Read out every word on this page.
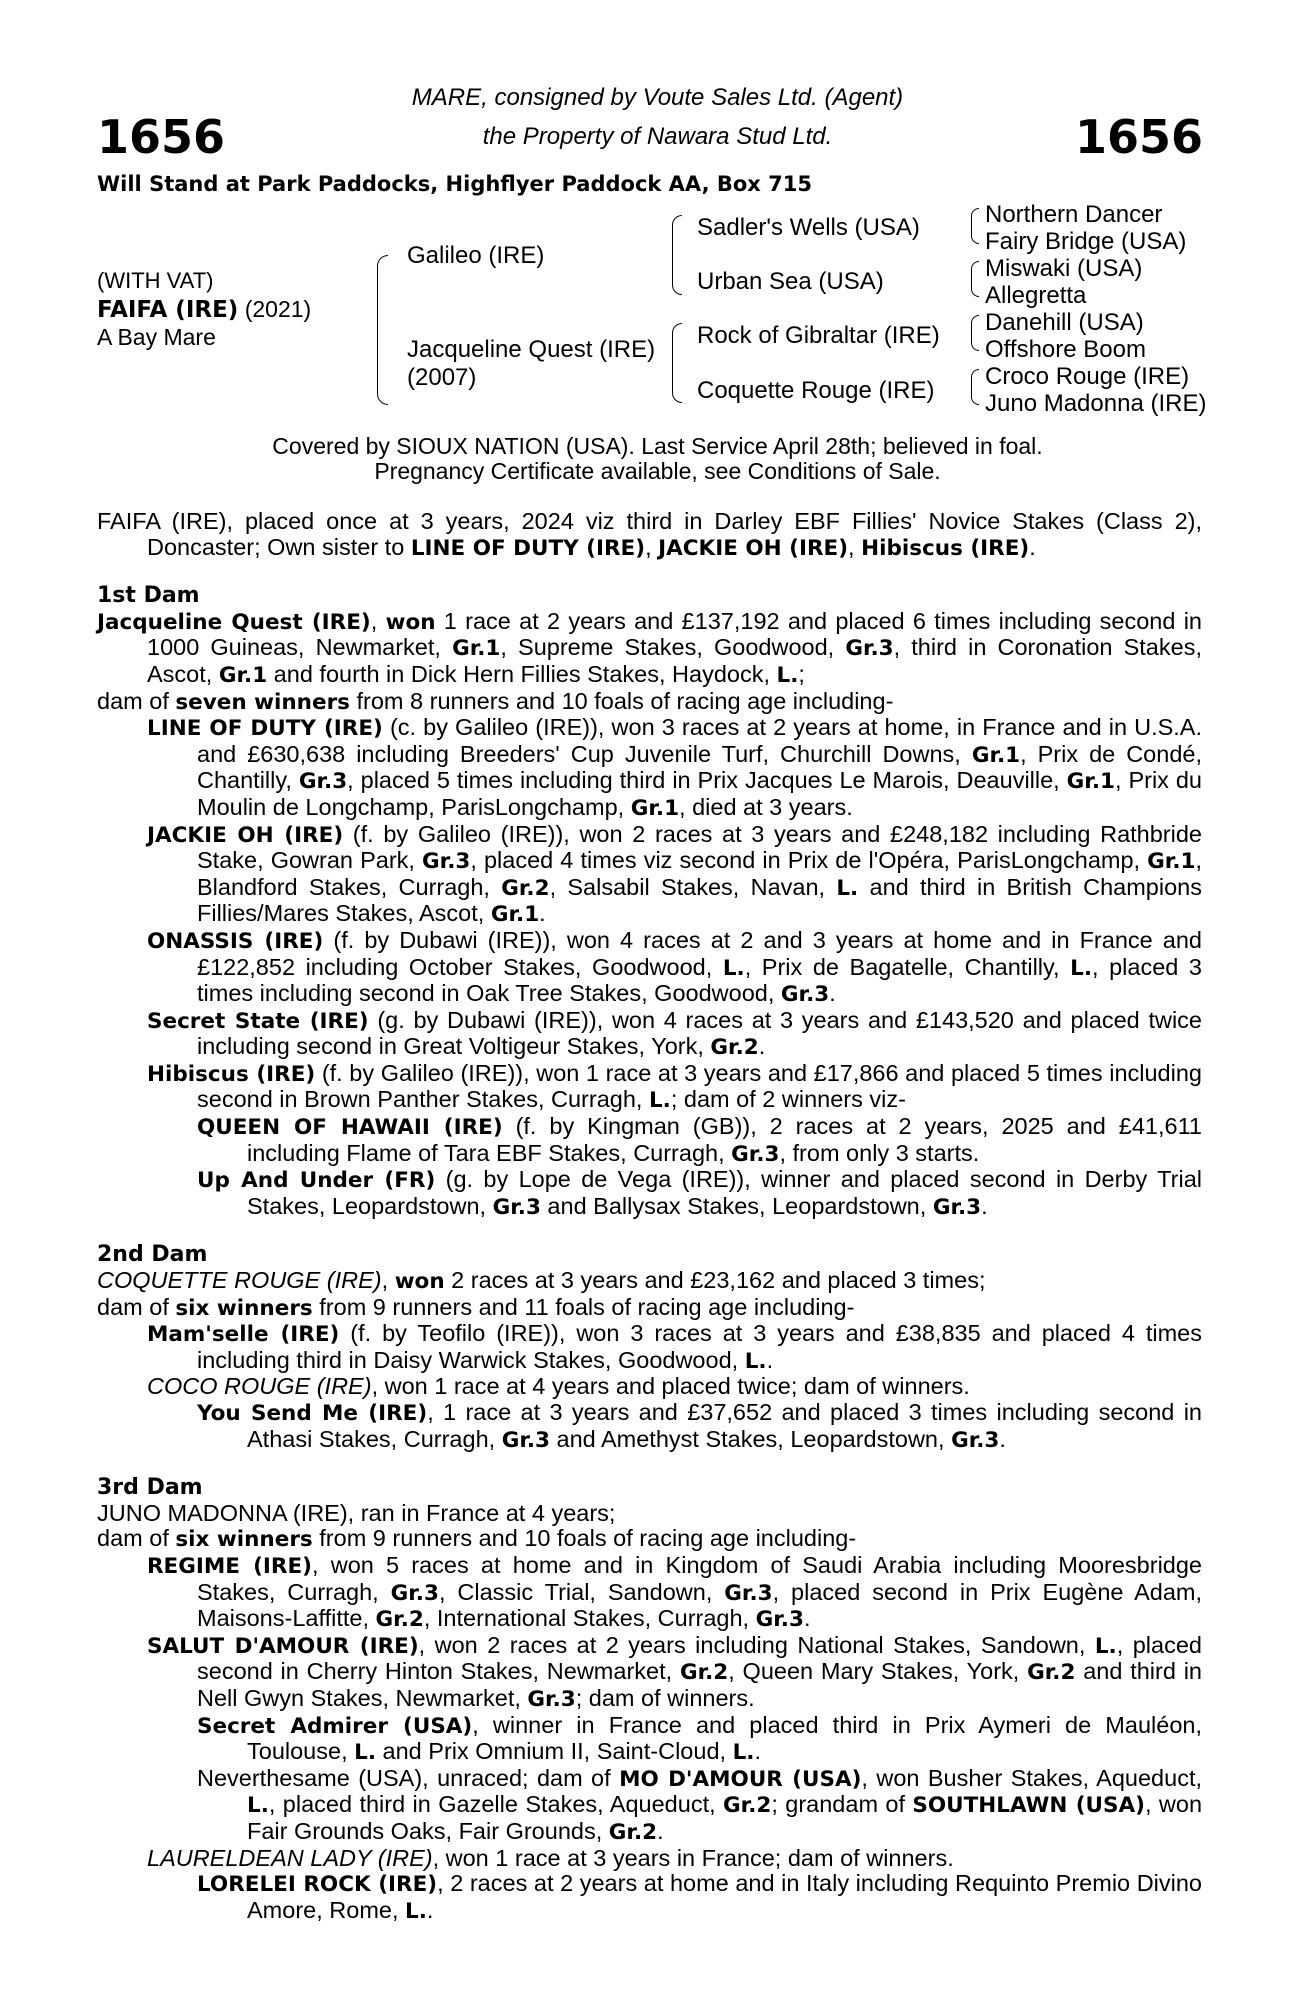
1656	1656
MARE, consigned by Voute Sales Ltd. (Agent)
the Property of Nawara Stud Ltd.
Will Stand at Park Paddocks, Highflyer Paddock AA, Box 715
(WITH VAT)
FAIFA (IRE) (2021)
A Bay Mare
Galileo (IRE)
Jacqueline Quest (IRE)
(2007)
Sadler's Wells (USA)
Urban Sea (USA)
Rock of Gibraltar (IRE)
Coquette Rouge (IRE)
Northern Dancer
Fairy Bridge (USA)
Miswaki (USA)
Allegretta
Danehill (USA)
Offshore Boom
Croco Rouge (IRE)
Juno Madonna (IRE)
Covered by SIOUX NATION (USA). Last Service April 28th; believed in foal.
Pregnancy Certificate available, see Conditions of Sale.

FAIFA (IRE), placed once at 3 years, 2024 viz third in Darley EBF Fillies' Novice Stakes (Class 2), Doncaster; Own sister to LINE OF DUTY (IRE), JACKIE OH (IRE), Hibiscus (IRE).

1st Dam

Jacqueline Quest (IRE), won 1 race at 2 years and £137,192 and placed 6 times including second in 1000 Guineas, Newmarket, Gr.1, Supreme Stakes, Goodwood, Gr.3, third in Coronation Stakes, Ascot, Gr.1 and fourth in Dick Hern Fillies Stakes, Haydock, L.;

dam of seven winners from 8 runners and 10 foals of racing age including-

LINE OF DUTY (IRE) (c. by Galileo (IRE)), won 3 races at 2 years at home, in France and in U.S.A. and £630,638 including Breeders' Cup Juvenile Turf, Churchill Downs, Gr.1, Prix de Condé, Chantilly, Gr.3, placed 5 times including third in Prix Jacques Le Marois, Deauville, Gr.1, Prix du Moulin de Longchamp, ParisLongchamp, Gr.1, died at 3 years.

JACKIE OH (IRE) (f. by Galileo (IRE)), won 2 races at 3 years and £248,182 including Rathbride Stake, Gowran Park, Gr.3, placed 4 times viz second in Prix de l'Opéra, ParisLongchamp, Gr.1, Blandford Stakes, Curragh, Gr.2, Salsabil Stakes, Navan, L. and third in British Champions Fillies/Mares Stakes, Ascot, Gr.1.

ONASSIS (IRE) (f. by Dubawi (IRE)), won 4 races at 2 and 3 years at home and in France and £122,852 including October Stakes, Goodwood, L., Prix de Bagatelle, Chantilly, L., placed 3 times including second in Oak Tree Stakes, Goodwood, Gr.3.

Secret State (IRE) (g. by Dubawi (IRE)), won 4 races at 3 years and £143,520 and placed twice including second in Great Voltigeur Stakes, York, Gr.2.

Hibiscus (IRE) (f. by Galileo (IRE)), won 1 race at 3 years and £17,866 and placed 5 times including second in Brown Panther Stakes, Curragh, L.; dam of 2 winners viz-

QUEEN OF HAWAII (IRE) (f. by Kingman (GB)), 2 races at 2 years, 2025 and £41,611 including Flame of Tara EBF Stakes, Curragh, Gr.3, from only 3 starts.

Up And Under (FR) (g. by Lope de Vega (IRE)), winner and placed second in Derby Trial Stakes, Leopardstown, Gr.3 and Ballysax Stakes, Leopardstown, Gr.3.

2nd Dam

COQUETTE ROUGE (IRE), won 2 races at 3 years and £23,162 and placed 3 times;

dam of six winners from 9 runners and 11 foals of racing age including-

Mam'selle (IRE) (f. by Teofilo (IRE)), won 3 races at 3 years and £38,835 and placed 4 times including third in Daisy Warwick Stakes, Goodwood, L..

COCO ROUGE (IRE), won 1 race at 4 years and placed twice; dam of winners.

You Send Me (IRE), 1 race at 3 years and £37,652 and placed 3 times including second in Athasi Stakes, Curragh, Gr.3 and Amethyst Stakes, Leopardstown, Gr.3.

3rd Dam

JUNO MADONNA (IRE), ran in France at 4 years;

dam of six winners from 9 runners and 10 foals of racing age including-

REGIME (IRE), won 5 races at home and in Kingdom of Saudi Arabia including Mooresbridge Stakes, Curragh, Gr.3, Classic Trial, Sandown, Gr.3, placed second in Prix Eugène Adam, Maisons-Laffitte, Gr.2, International Stakes, Curragh, Gr.3.

SALUT D'AMOUR (IRE), won 2 races at 2 years including National Stakes, Sandown, L., placed second in Cherry Hinton Stakes, Newmarket, Gr.2, Queen Mary Stakes, York, Gr.2 and third in Nell Gwyn Stakes, Newmarket, Gr.3; dam of winners.

Secret Admirer (USA), winner in France and placed third in Prix Aymeri de Mauléon, Toulouse, L. and Prix Omnium II, Saint-Cloud, L..

Neverthesame (USA), unraced; dam of MO D'AMOUR (USA), won Busher Stakes, Aqueduct, L., placed third in Gazelle Stakes, Aqueduct, Gr.2; grandam of SOUTHLAWN (USA), won Fair Grounds Oaks, Fair Grounds, Gr.2.

LAURELDEAN LADY (IRE), won 1 race at 3 years in France; dam of winners.

LORELEI ROCK (IRE), 2 races at 2 years at home and in Italy including Requinto Premio Divino Amore, Rome, L..
